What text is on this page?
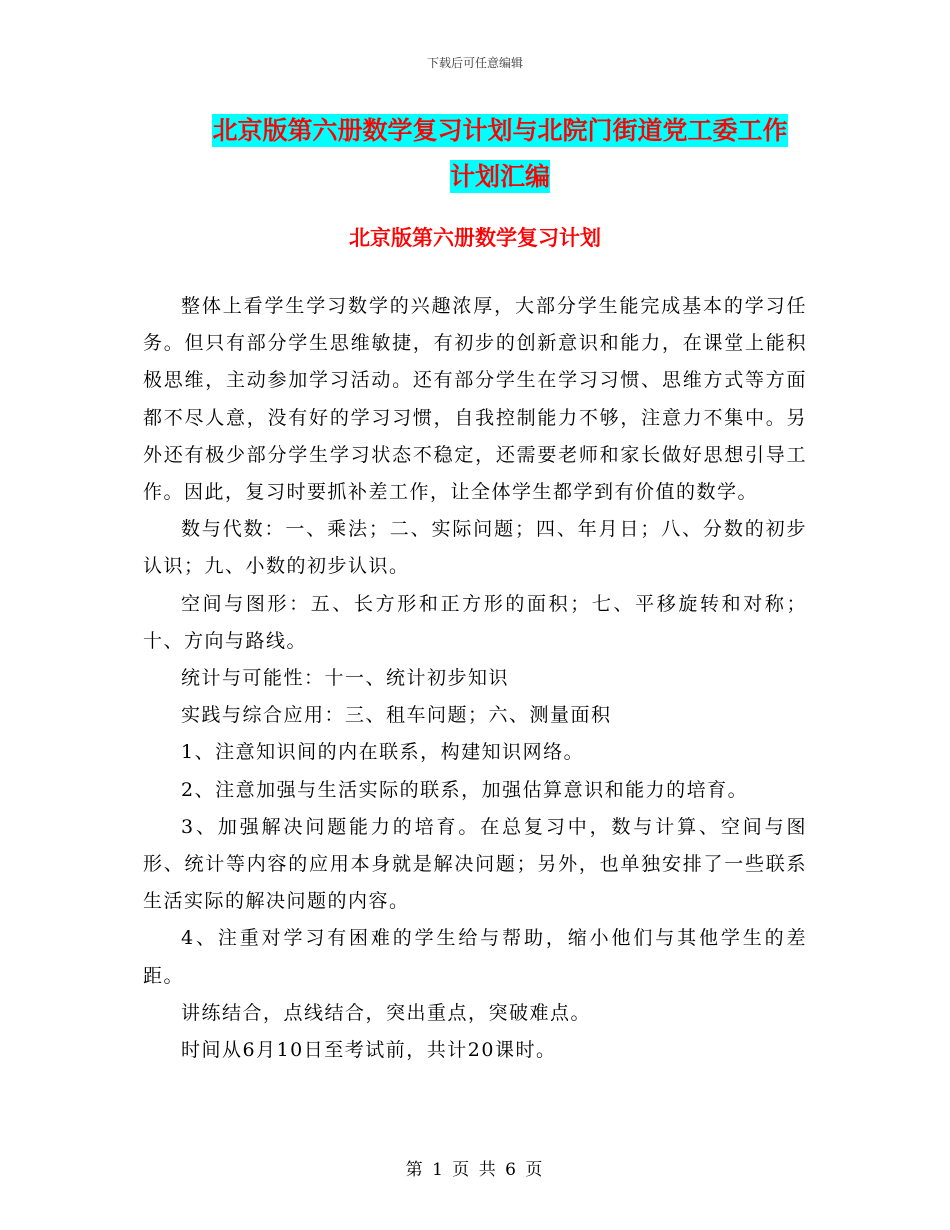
下载后可任意编辑
北京版第六册数学复习计划与北院门街道党工委工作
计划汇编
北京版第六册数学复习计划

整体上看学生学习数学的兴趣浓厚，大部分学生能完成基本的学习任务。但只有部分学生思维敏捷，有初步的创新意识和能力，在课堂上能积极思维，主动参加学习活动。还有部分学生在学习习惯、思维方式等方面都不尽人意，没有好的学习习惯，自我控制能力不够，注意力不集中。另外还有极少部分学生学习状态不稳定，还需要老师和家长做好思想引导工作。因此，复习时要抓补差工作，让全体学生都学到有价值的数学。

数与代数：一、乘法；二、实际问题；四、年月日；八、分数的初步认识；九、小数的初步认识。

空间与图形：五、长方形和正方形的面积；七、平移旋转和对称；十、方向与路线。

统计与可能性：十一、统计初步知识

实践与综合应用：三、租车问题；六、测量面积

1、注意知识间的内在联系，构建知识网络。

2、注意加强与生活实际的联系，加强估算意识和能力的培育。

3、加强解决问题能力的培育。在总复习中，数与计算、空间与图形、统计等内容的应用本身就是解决问题；另外，也单独安排了一些联系生活实际的解决问题的内容。

4、注重对学习有困难的学生给与帮助，缩小他们与其他学生的差距。

讲练结合，点线结合，突出重点，突破难点。

时间从6月10日至考试前，共计20课时。

第 1 页 共 6 页
